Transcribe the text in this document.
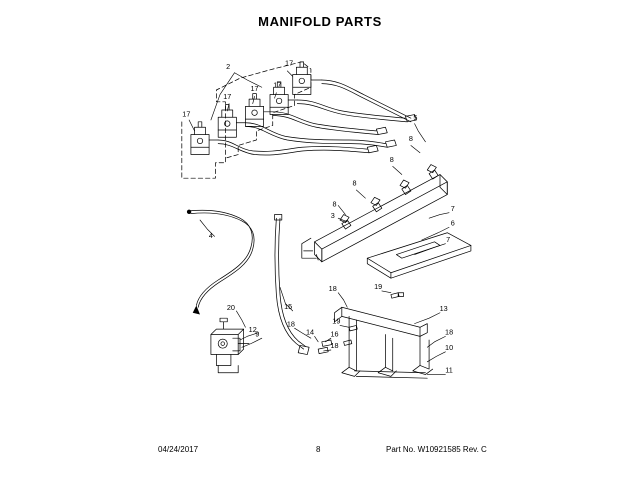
MANIFOLD PARTS
17
2
17
17
17
17	5
8
8
8
8
3
7
6
4	7
19
18
13
15
20
19
12
18
18
16
14
9
18	10
11
04/24/2017	8	Part No. W10921585 Rev. C
